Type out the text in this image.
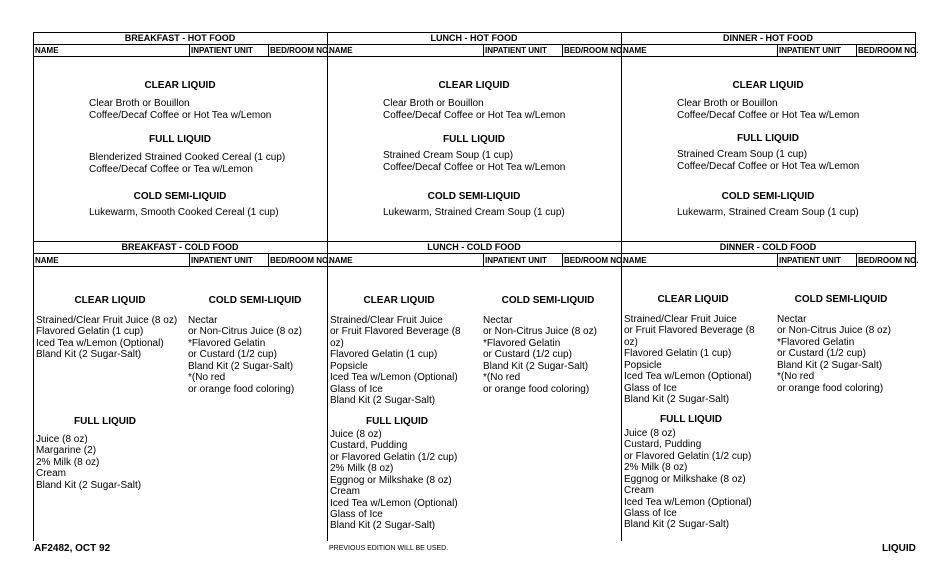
BREAKFAST - HOT FOOD	LUNCH - HOT FOOD	DINNER - HOT FOOD
NAME	INPATIENT UNIT BED/ROOM NO.
NAME	INPATIENT UNIT BED/ROOM NO.
NAME	INPATIENT UNIT BED/ROOM NO.
CLEAR LIQUID
Clear Broth or Bouillon
Coffee/Decaf Coffee or Hot Tea w/Lemon
FULL LIQUID
Blenderized Strained Cooked Cereal (1 cup)
Coffee/Decaf Coffee or Tea w/Lemon
COLD SEMI-LIQUID
Lukewarm, Smooth Cooked Cereal (1 cup)
CLEAR LIQUID
Clear Broth or Bouillon
Coffee/Decaf Coffee or Hot Tea w/Lemon
FULL LIQUID
Strained Cream Soup (1 cup)
Coffee/Decaf Coffee or Hot Tea w/Lemon
COLD SEMI-LIQUID
Lukewarm, Strained Cream Soup (1 cup)
CLEAR LIQUID
Clear Broth or Bouillon
Coffee/Decaf Coffee or Hot Tea w/Lemon
FULL LIQUID
Strained Cream Soup (1 cup)
Coffee/Decaf Coffee or Hot Tea w/Lemon
COLD SEMI-LIQUID
Lukewarm, Strained Cream Soup (1 cup)
BREAKFAST - COLD FOOD	LUNCH - COLD FOOD	DINNER - COLD FOOD
NAME	INPATIENT UNIT BED/ROOM NO.
NAME	INPATIENT UNIT BED/ROOM NO.
NAME	INPATIENT UNIT BED/ROOM NO.
CLEAR LIQUID	COLD SEMI-LIQUID
Strained/Clear Fruit Juice (8 oz)
Flavored Gelatin (1 cup)
Iced Tea w/Lemon (Optional)
Bland Kit (2 Sugar-Salt)
Nectar
or Non-Citrus Juice (8 oz)
*Flavored Gelatin
or Custard (1/2 cup)
Bland Kit (2 Sugar-Salt)
*(No red
or orange food coloring)
FULL LIQUID
Juice (8 oz)
Margarine (2)
2% Milk (8 oz)
Cream
Bland Kit (2 Sugar-Salt)
CLEAR LIQUID	COLD SEMI-LIQUID
Strained/Clear Fruit Juice
or Fruit Flavored Beverage (8
oz)
Flavored Gelatin (1 cup)
Popsicle
Iced Tea w/Lemon (Optional)
Glass of Ice
Bland Kit (2 Sugar-Salt)
Nectar
or Non-Citrus Juice (8 oz)
*Flavored Gelatin
or Custard (1/2 cup)
Bland Kit (2 Sugar-Salt)
*(No red
or orange food coloring)
FULL LIQUID
Juice (8 oz)
Custard, Pudding
or Flavored Gelatin (1/2 cup)
2% Milk (8 oz)
Eggnog or Milkshake (8 oz)
Cream
Iced Tea w/Lemon (Optional)
Glass of Ice
Bland Kit (2 Sugar-Salt)
CLEAR LIQUID	COLD SEMI-LIQUID
Strained/Clear Fruit Juice
or Fruit Flavored Beverage (8
oz)
Flavored Gelatin (1 cup)
Popsicle
Iced Tea w/Lemon (Optional)
Glass of Ice
Bland Kit (2 Sugar-Salt)
Nectar
or Non-Citrus Juice (8 oz)
*Flavored Gelatin
or Custard (1/2 cup)
Bland Kit (2 Sugar-Salt)
*(No red
or orange food coloring)
FULL LIQUID
Juice (8 oz)
Custard, Pudding
or Flavored Gelatin (1/2 cup)
2% Milk (8 oz)
Eggnog or Milkshake (8 oz)
Cream
Iced Tea w/Lemon (Optional)
Glass of Ice
Bland Kit (2 Sugar-Salt)
AF2482, OCT 92	PREVIOUS EDITION WILL BE USED.	LIQUID
